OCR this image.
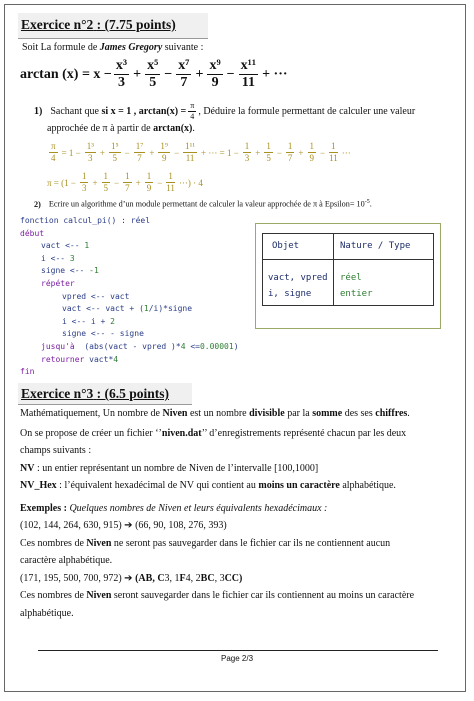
Exercice n°2 : (7.75 points)
Soit La formule de James Gregory suivante :
$\arctan (x) = x - \frac{\text{x³}}{3} + \frac{\text{x⁵}}{5} - \frac{\text{x⁷}}{7} + \frac{\text{x⁹}}{9} - \frac{\text{x¹¹}}{11}$ + ···
1) Sachant que si x = 1 , $\arctan(x) = \frac{\pi}{4}$ , Déduire la formule permettant de calculer une valeur
approchée de π à partir de arctan(x).
$\frac{\pi}{4} = 1 - \frac{\text{1³}}{3} + \frac{\text{1⁵}}{5} - \frac{\text{1⁷}}{7} + \frac{\text{1⁹}}{9} - \frac{\text{1¹¹}}{11}$ + ··· = $1 - \frac{1}{3} + \frac{1}{5} - \frac{1}{7} + \frac{1}{9} - \frac{1}{11}$ ···
$\pi = (1 - \frac{1}{3} + \frac{1}{5} - \frac{1}{7} + \frac{1}{9} - \frac{1}{11}$ ···) · 4
2) Ecrire un algorithme d’un module permettant de calculer la valeur approchée de π à Epsilon= $10^{-5}$.
fonction calcul_pi() : réel
début
vact <-- 1
i <-- 3
signe <-- -1
répéter
vpred <-- vact
vact <-- vact + (1/i)*signe
i <-- i + 2
signe <-- - signe
jusqu'à  (abs(vact - vpred )*4 <=0.00001)
retourner vact*4
fin
Objet	Nature / Type
vact, vpred réel
i, signe	entier
Exercice n°3 : (6.5 points)
Mathématiquement, Un nombre de Niven est un nombre divisible par la somme des ses chiffres.
On se propose de créer un fichier ‘’niven.dat’’ d’enregistrements représenté chacun par les deux
champs suivants :
NV : un entier représentant un nombre de Niven de l’intervalle [100,1000]
NV_Hex : l’équivalent hexadécimal de NV qui contient au moins un caractère alphabétique.
Exemples : Quelques nombres de Niven et leurs équivalents hexadécimaux :
(102, 144, 264, 630, 915) ➔ (66, 90, 108, 276, 393)
Ces nombres de Niven ne seront pas sauvegarder dans le fichier car ils ne contiennent aucun
caractère alphabétique.
(171, 195, 500, 700, 972) ➔ (AB, C3, 1F4, 2BC, 3CC)
Ces nombres de Niven seront sauvegarder dans le fichier car ils contiennent au moins un caractère
alphabétique.
Page 2/3
